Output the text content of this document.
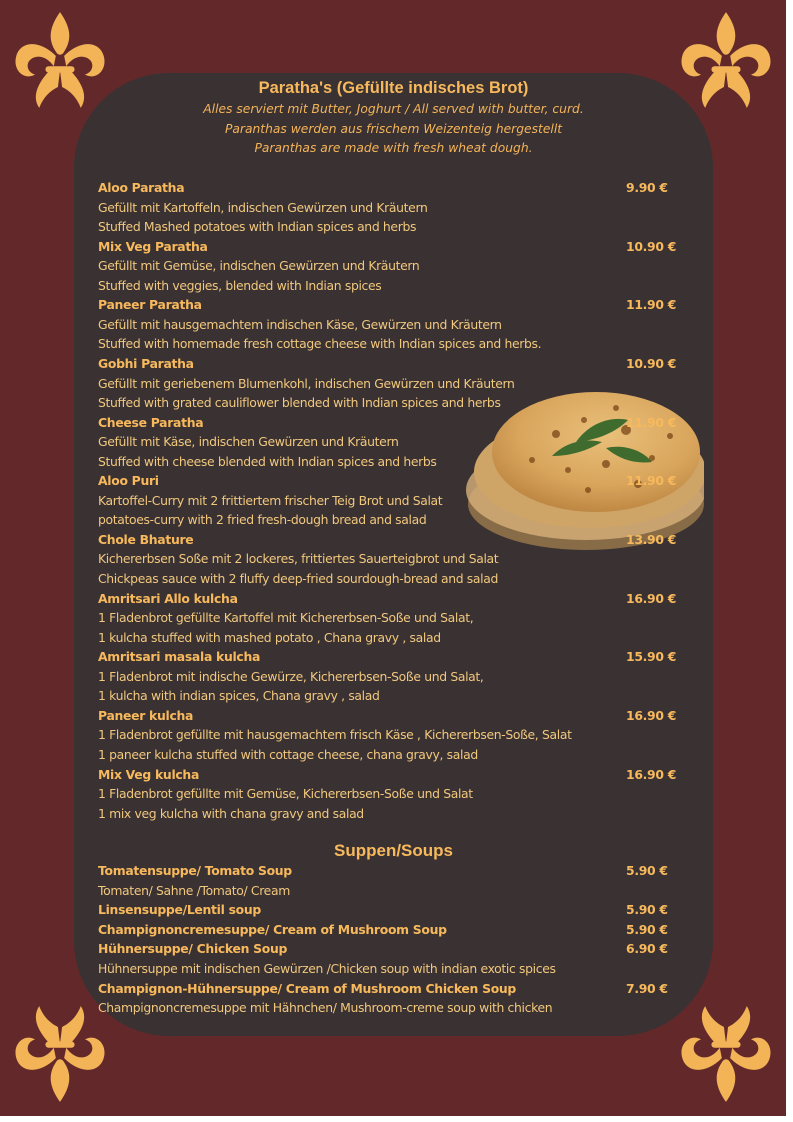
Paratha's (Gefüllte indisches Brot)
Alles serviert mit Butter, Joghurt / All served with butter, curd.
Paranthas werden aus frischem Weizenteig hergestellt
Paranthas are made with fresh wheat dough.
Aloo Paratha	9.90 €
Gefüllt mit Kartoffeln, indischen Gewürzen und Kräutern
Stuffed Mashed potatoes with Indian spices and herbs
Mix Veg Paratha	10.90 €
Gefüllt mit Gemüse, indischen Gewürzen und Kräutern
Stuffed with veggies, blended with Indian spices
Paneer Paratha	11.90 €
Gefüllt mit hausgemachtem indischen Käse, Gewürzen und Kräutern
Stuffed with homemade fresh cottage cheese with Indian spices and herbs.
Gobhi Paratha	10.90 €
Gefüllt mit geriebenem Blumenkohl, indischen Gewürzen und Kräutern
Stuffed with grated cauliflower blended with Indian spices and herbs
Cheese Paratha	11.90 €
Gefüllt mit Käse, indischen Gewürzen und Kräutern
Stuffed with cheese blended with Indian spices and herbs
Aloo Puri	11.90 €
Kartoffel-Curry mit 2 frittiertem frischer Teig Brot und Salat
potatoes-curry with 2 fried fresh-dough bread and salad
Chole Bhature	13.90 €
Kichererbsen Soße mit 2 lockeres, frittiertes Sauerteigbrot und Salat
Chickpeas sauce with 2 fluffy deep-fried sourdough-bread and salad
Amritsari Allo kulcha	16.90 €
1 Fladenbrot gefüllte Kartoffel mit Kichererbsen-Soße und Salat,
1 kulcha stuffed with mashed potato , Chana gravy , salad
Amritsari masala kulcha	15.90 €
1 Fladenbrot mit indische Gewürze, Kichererbsen-Soße und Salat,
1 kulcha with indian spices, Chana gravy , salad
Paneer kulcha	16.90 €
1 Fladenbrot gefüllte mit hausgemachtem frisch Käse , Kichererbsen-Soße, Salat
1 paneer kulcha stuffed with cottage cheese, chana gravy, salad
Mix Veg kulcha	16.90 €
1 Fladenbrot gefüllte mit Gemüse, Kichererbsen-Soße und Salat
1 mix veg kulcha with chana gravy and salad
Suppen/Soups
Tomatensuppe/ Tomato Soup	5.90 €
Tomaten/ Sahne /Tomato/ Cream
Linsensuppe/Lentil soup	5.90 €
Champignoncremesuppe/ Cream of Mushroom Soup	5.90 €
Hühnersuppe/ Chicken Soup	6.90 €
Hühnersuppe mit indischen Gewürzen /Chicken soup with indian exotic spices
Champignon-Hühnersuppe/ Cream of Mushroom Chicken Soup	7.90 €
Champignoncremesuppe mit Hähnchen/ Mushroom-creme soup with chicken
